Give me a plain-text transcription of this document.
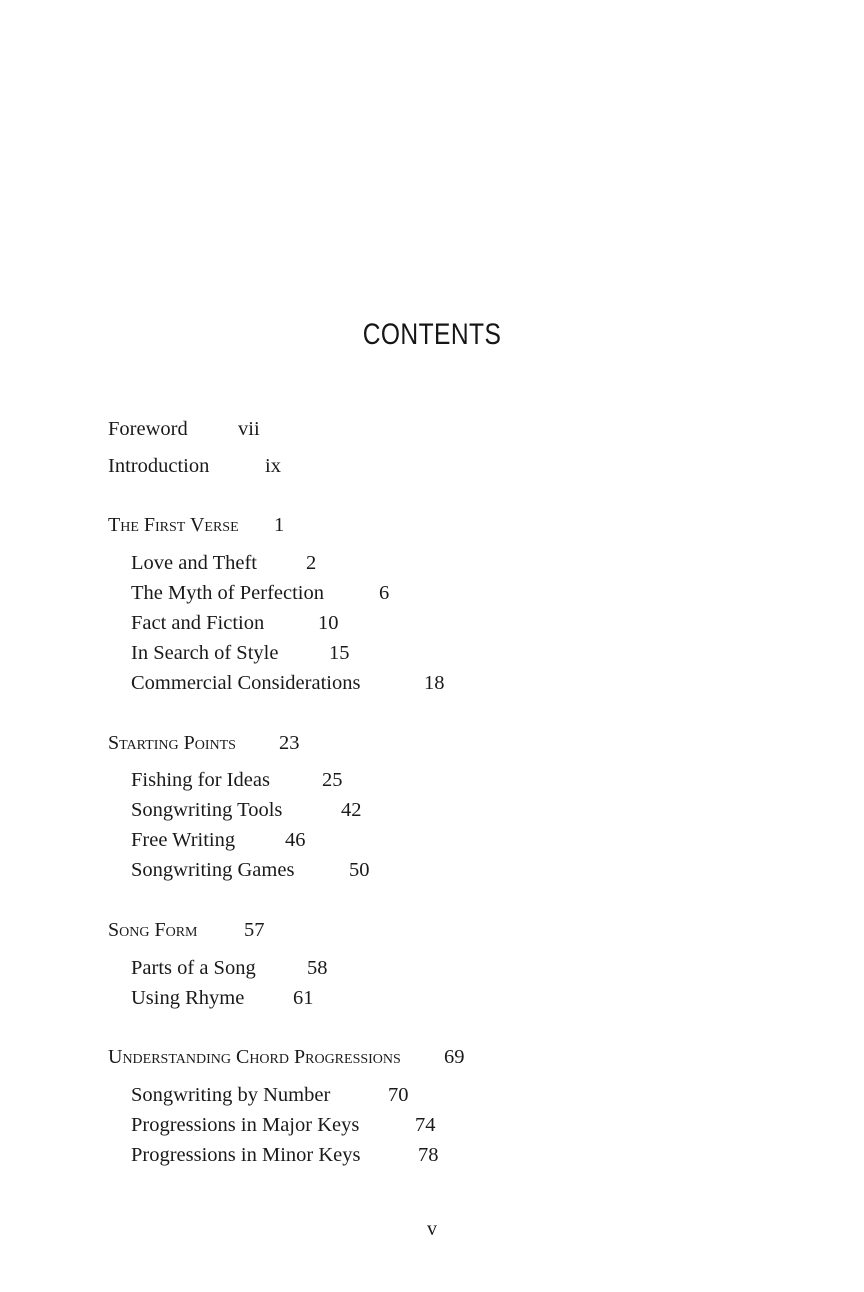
CONTENTS
Foreword vii
Introduction	ix
The First Verse 1
Love and Theft 2
The Myth of Perfection	6
Fact and Fiction	10
In Search of Style 15
Commercial Considerations	18
Starting Points 23
Fishing for Ideas	25
Songwriting Tools	42
Free Writing 46
Songwriting Games	50
Song Form 57
Parts of a Song	58
Using Rhyme 61
Understanding Chord Progressions 69
Songwriting by Number	70
Progressions in Major Keys	74
Progressions in Minor Keys	78
v
